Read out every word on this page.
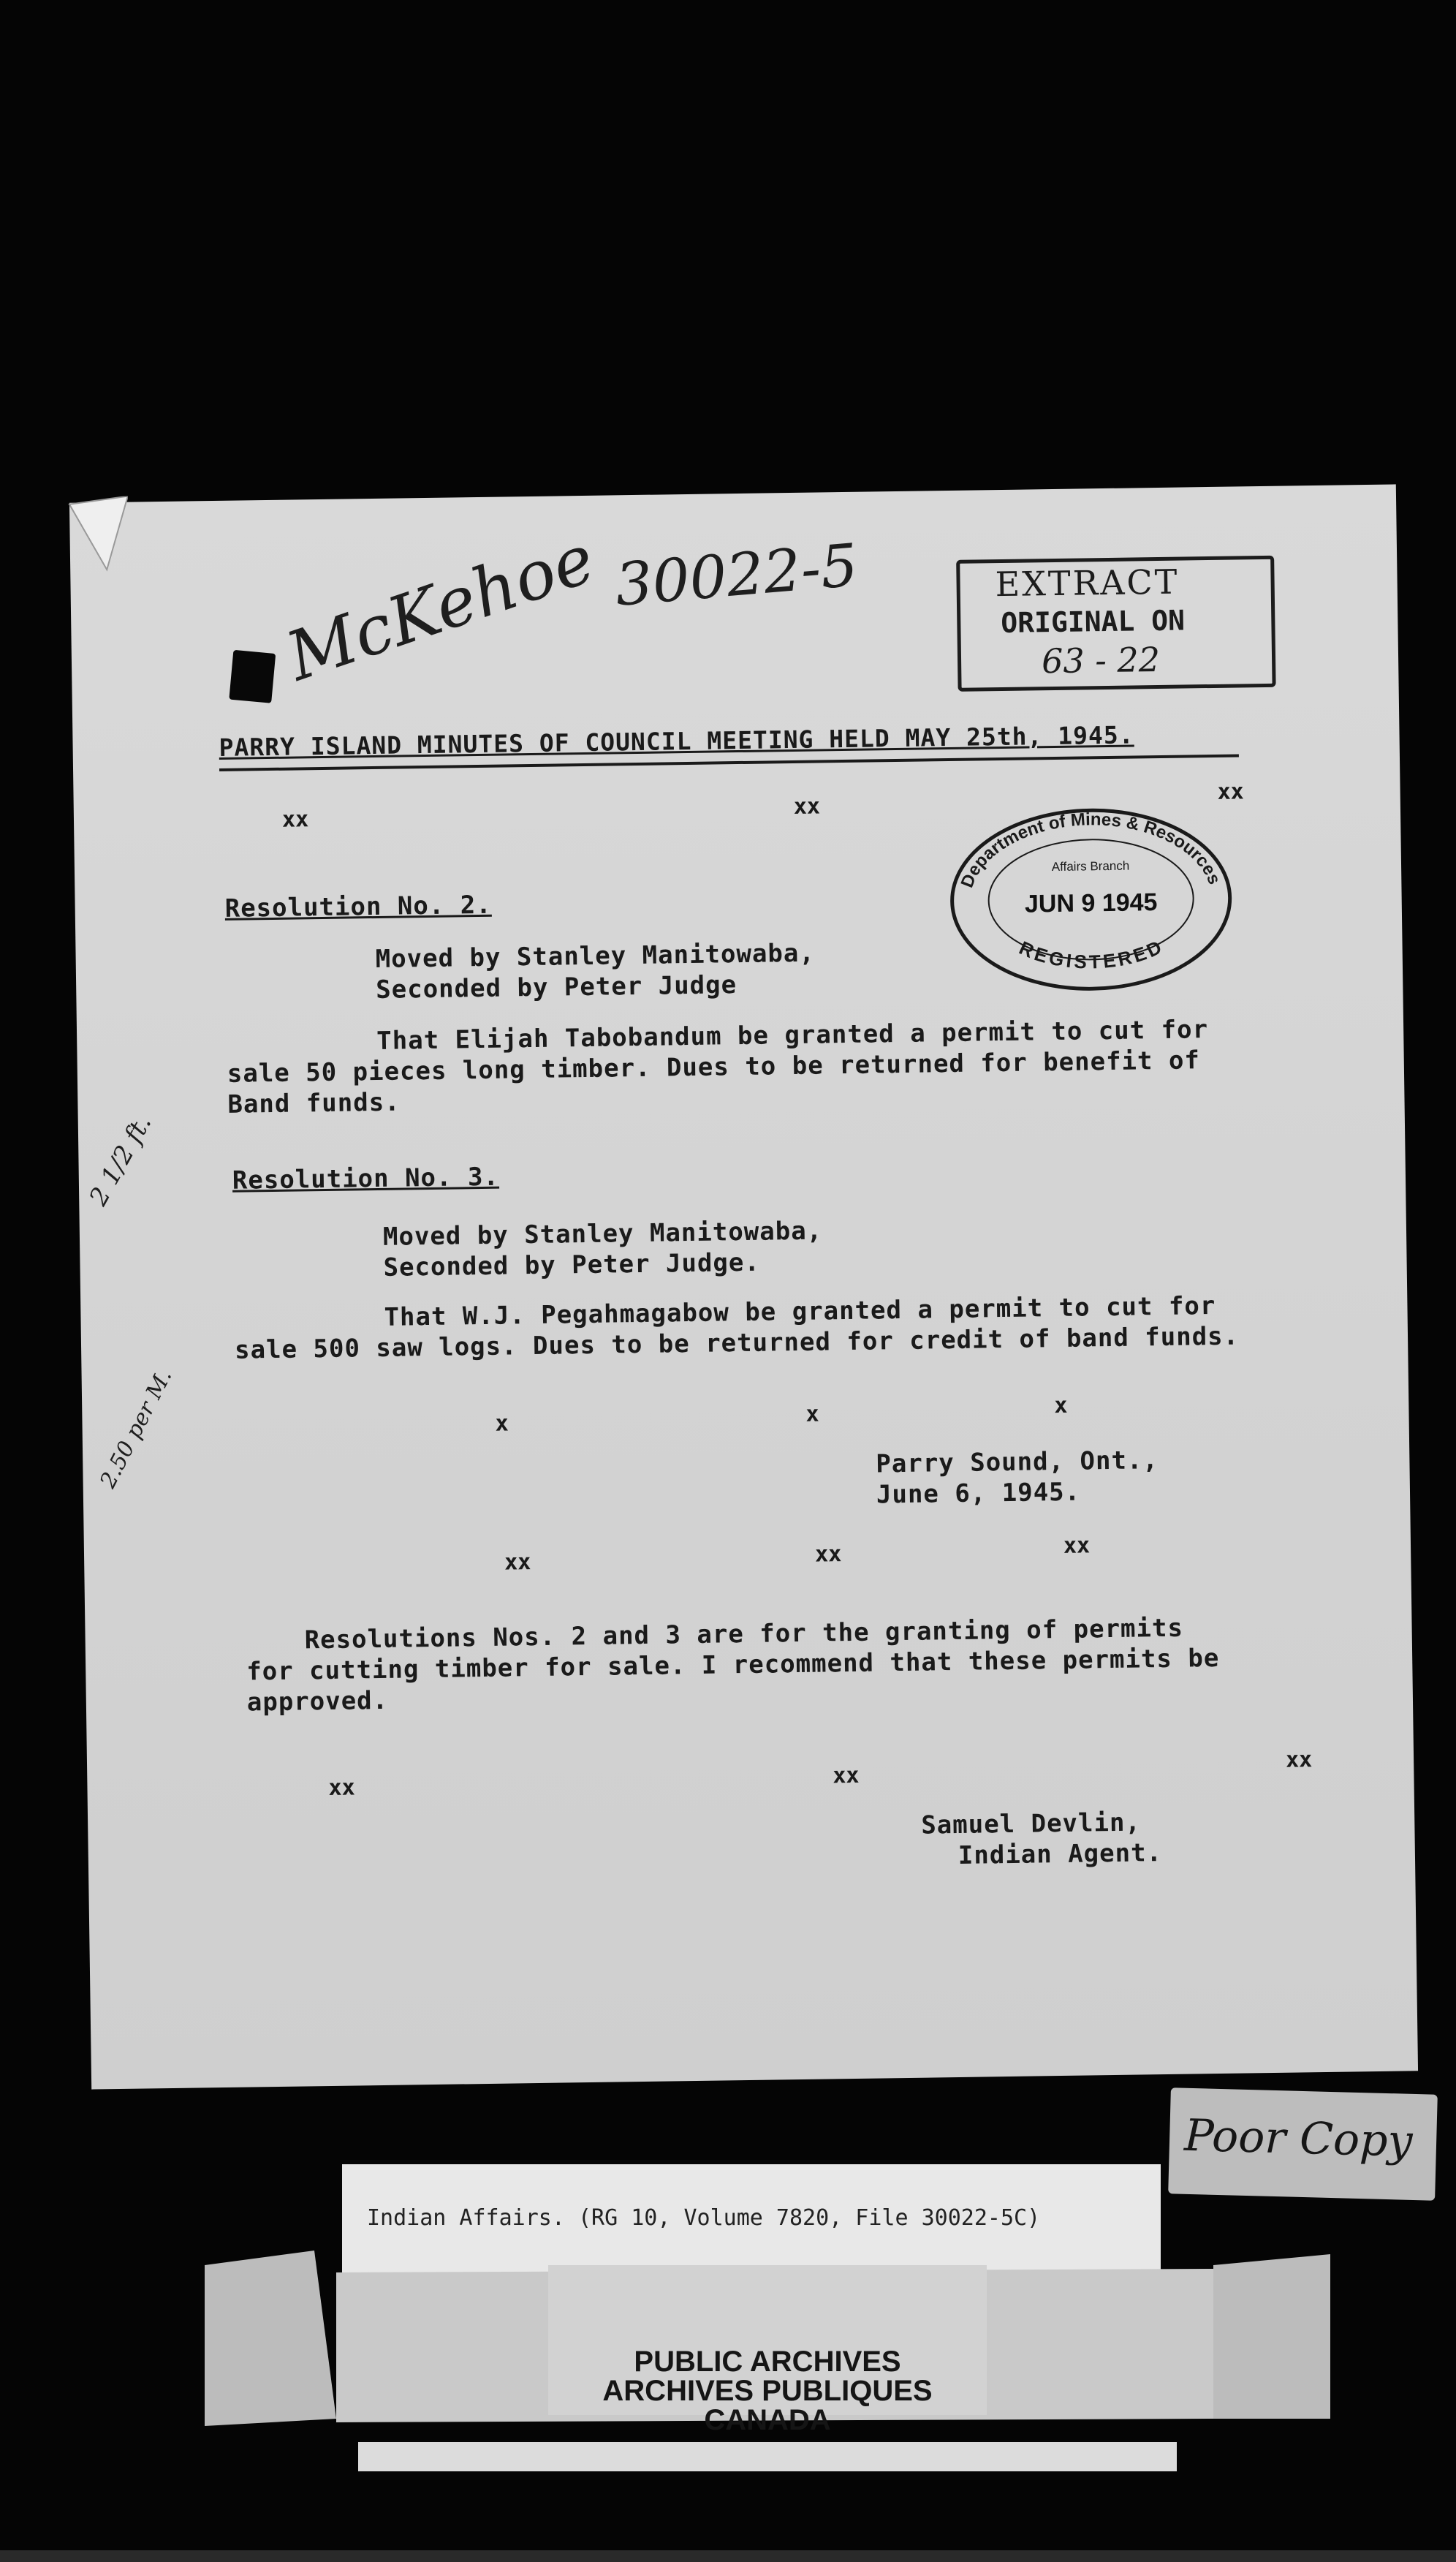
McKehoe 30022-5	EXTRACT
ORIGINAL ON
63 - 22
PARRY ISLAND MINUTES OF COUNCIL MEETING HELD MAY 25th, 1945.
xx
xx
xx
Department of Mines & Resources
Affairs Branch
JUN 9 1945
REGISTERED
Resolution No. 2.
Moved by Stanley Manitowaba,
Seconded by Peter Judge
That Elijah Tabobandum be granted a permit to cut for
sale 50 pieces long timber. Dues to be returned for benefit of
Band funds.
2 1/2 ft.	Resolution No. 3.
Moved by Stanley Manitowaba,
Seconded by Peter Judge.
That W.J. Pegahmagabow be granted a permit to cut for
sale 500 saw logs. Dues to be returned for credit of band funds.
2.50 per M.	x	x	x
Parry Sound, Ont.,
June 6, 1945.
xx	xx	xx
Resolutions Nos. 2 and 3 are for the granting of permits
for cutting timber for sale. I recommend that these permits be
approved.
xx	xx
xx
Samuel Devlin,
Indian Agent.
Poor Copy
Indian Affairs. (RG 10, Volume 7820, File 30022-5C)
PUBLIC ARCHIVES
ARCHIVES PUBLIQUES
CANADA
